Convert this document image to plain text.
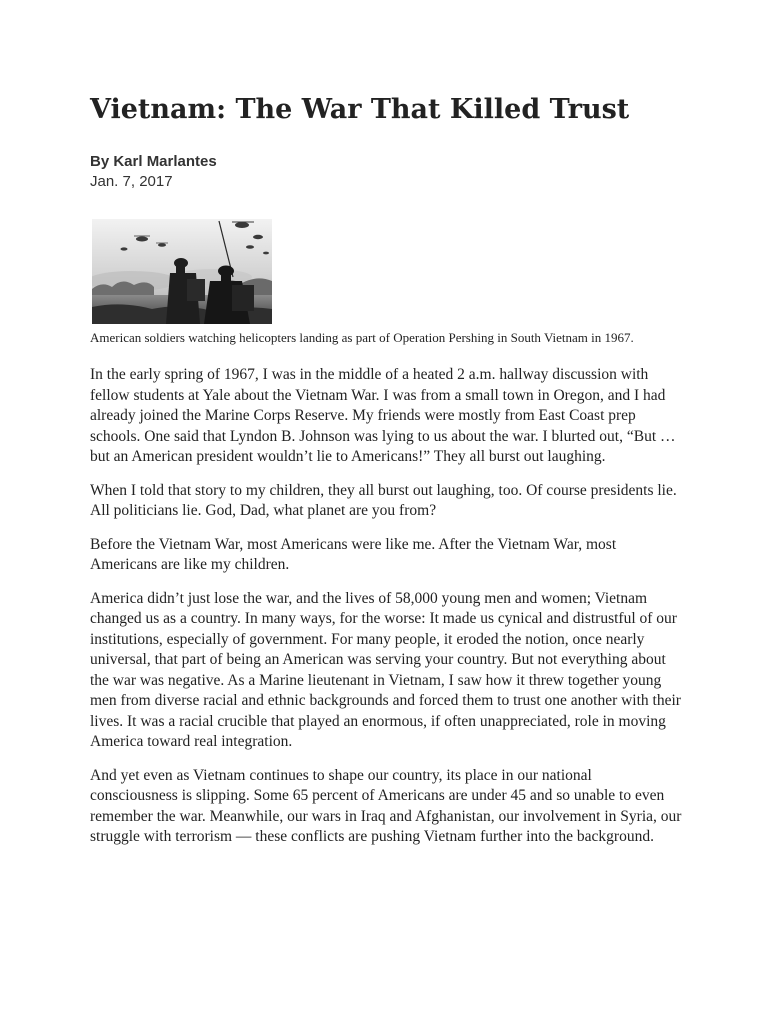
Vietnam: The War That Killed Trust
By Karl Marlantes
Jan. 7, 2017
American soldiers watching helicopters landing as part of Operation Pershing in South Vietnam in 1967.

In the early spring of 1967, I was in the middle of a heated 2 a.m. hallway discussion with fellow students at Yale about the Vietnam War. I was from a small town in Oregon, and I had already joined the Marine Corps Reserve. My friends were mostly from East Coast prep schools. One said that Lyndon B. Johnson was lying to us about the war. I blurted out, “But … but an American president wouldn’t lie to Americans!” They all burst out laughing.

When I told that story to my children, they all burst out laughing, too. Of course presidents lie. All politicians lie. God, Dad, what planet are you from?

Before the Vietnam War, most Americans were like me. After the Vietnam War, most Americans are like my children.

America didn’t just lose the war, and the lives of 58,000 young men and women; Vietnam changed us as a country. In many ways, for the worse: It made us cynical and distrustful of our institutions, especially of government. For many people, it eroded the notion, once nearly universal, that part of being an American was serving your country. But not everything about the war was negative. As a Marine lieutenant in Vietnam, I saw how it threw together young men from diverse racial and ethnic backgrounds and forced them to trust one another with their lives. It was a racial crucible that played an enormous, if often unappreciated, role in moving America toward real integration.

And yet even as Vietnam continues to shape our country, its place in our national consciousness is slipping. Some 65 percent of Americans are under 45 and so unable to even remember the war. Meanwhile, our wars in Iraq and Afghanistan, our involvement in Syria, our struggle with terrorism — these conflicts are pushing Vietnam further into the background.
